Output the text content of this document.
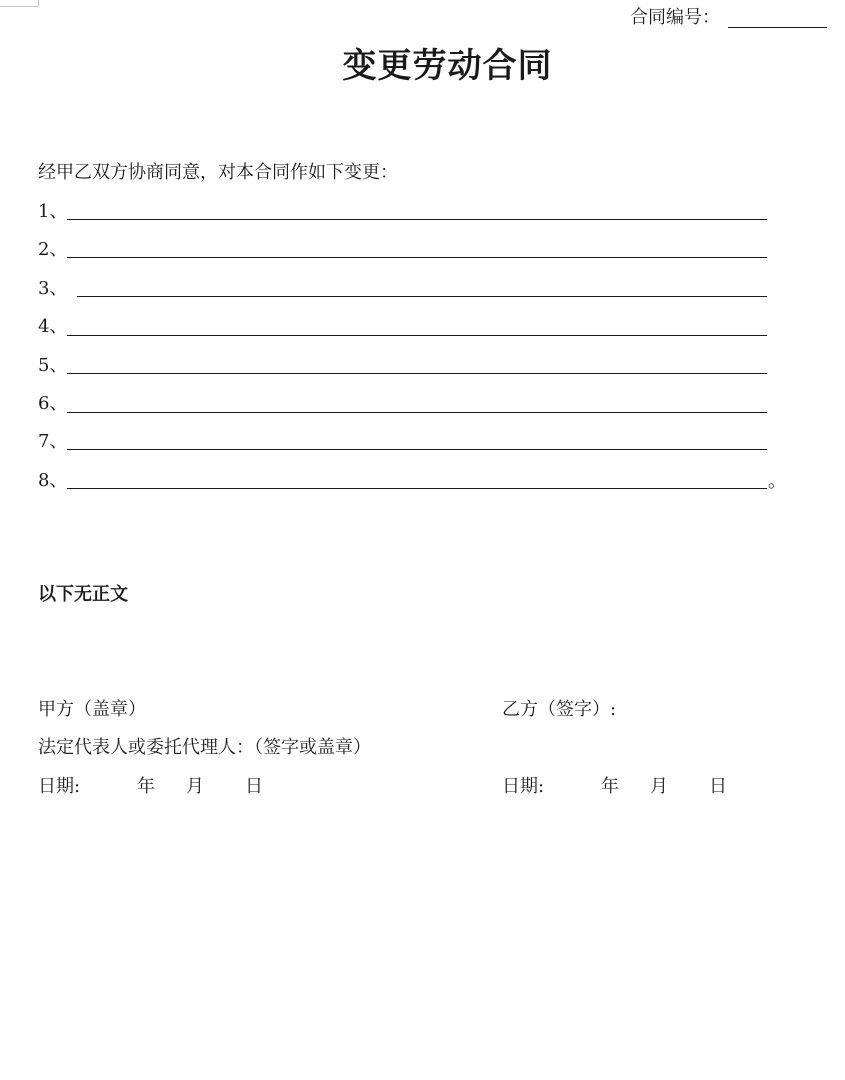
合同编号：
变更劳动合同
经甲乙双方协商同意，对本合同作如下变更：
1、
2、
3、
4、
5、
6、
7、
8、	。
以下无正文
甲方（盖章）	乙方（签字）:
法定代表人或委托代理人：（签字或盖章）
日期:	年 月 日	日期:	年 月 日
